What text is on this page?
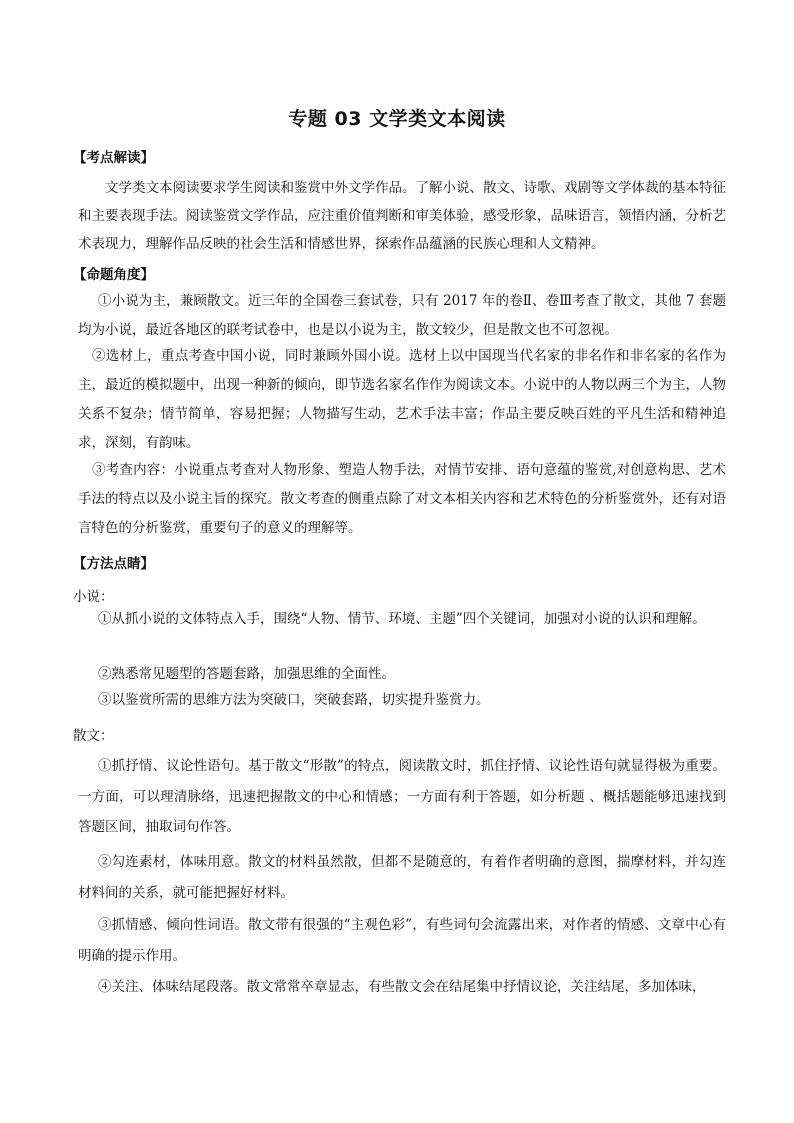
专题 03 文学类文本阅读
【考点解读】
文学类文本阅读要求学生阅读和鉴赏中外文学作品。了解小说、散文、诗歌、戏剧等文学体裁的基本特征和主要表现手法。阅读鉴赏文学作品，应注重价值判断和审美体验，感受形象，品味语言，领悟内涵，分析艺术表现力，理解作品反映的社会生活和情感世界，探索作品蕴涵的民族心理和人文精神。
【命题角度】
①小说为主，兼顾散文。近三年的全国卷三套试卷，只有 2017 年的卷Ⅱ、卷Ⅲ考查了散文，其他 7 套题均为小说，最近各地区的联考试卷中，也是以小说为主，散文较少，但是散文也不可忽视。
②选材上，重点考查中国小说，同时兼顾外国小说。选材上以中国现当代名家的非名作和非名家的名作为主，最近的模拟题中，出现一种新的倾向，即节选名家名作作为阅读文本。小说中的人物以两三个为主，人物关系不复杂；情节简单，容易把握；人物描写生动，艺术手法丰富；作品主要反映百姓的平凡生活和精神追求，深刻，有韵味。
③考查内容：小说重点考查对人物形象、塑造人物手法，对情节安排、语句意蕴的鉴赏,对创意构思、艺术手法的特点以及小说主旨的探究。散文考查的侧重点除了对文本相关内容和艺术特色的分析鉴赏外，还有对语言特色的分析鉴赏，重要句子的意义的理解等。
【方法点睛】
小说：
①从抓小说的文体特点入手，围绕“人物、情节、环境、主题”四个关键词，加强对小说的认识和理解。
②熟悉常见题型的答题套路，加强思维的全面性。
③以鉴赏所需的思维方法为突破口，突破套路，切实提升鉴赏力。
散文：
①抓抒情、议论性语句。基于散文“形散”的特点，阅读散文时，抓住抒情、议论性语句就显得极为重要。一方面，可以理清脉络，迅速把握散文的中心和情感；一方面有利于答题，如分析题 、概括题能够迅速找到答题区间，抽取词句作答。
②勾连素材，体味用意。散文的材料虽然散，但都不是随意的，有着作者明确的意图，揣摩材料，并勾连材料间的关系，就可能把握好材料。
③抓情感、倾向性词语。散文带有很强的“主观色彩”，有些词句会流露出来，对作者的情感、文章中心有明确的提示作用。
④关注、体味结尾段落。散文常常卒章显志，有些散文会在结尾集中抒情议论，关注结尾，多加体味，
